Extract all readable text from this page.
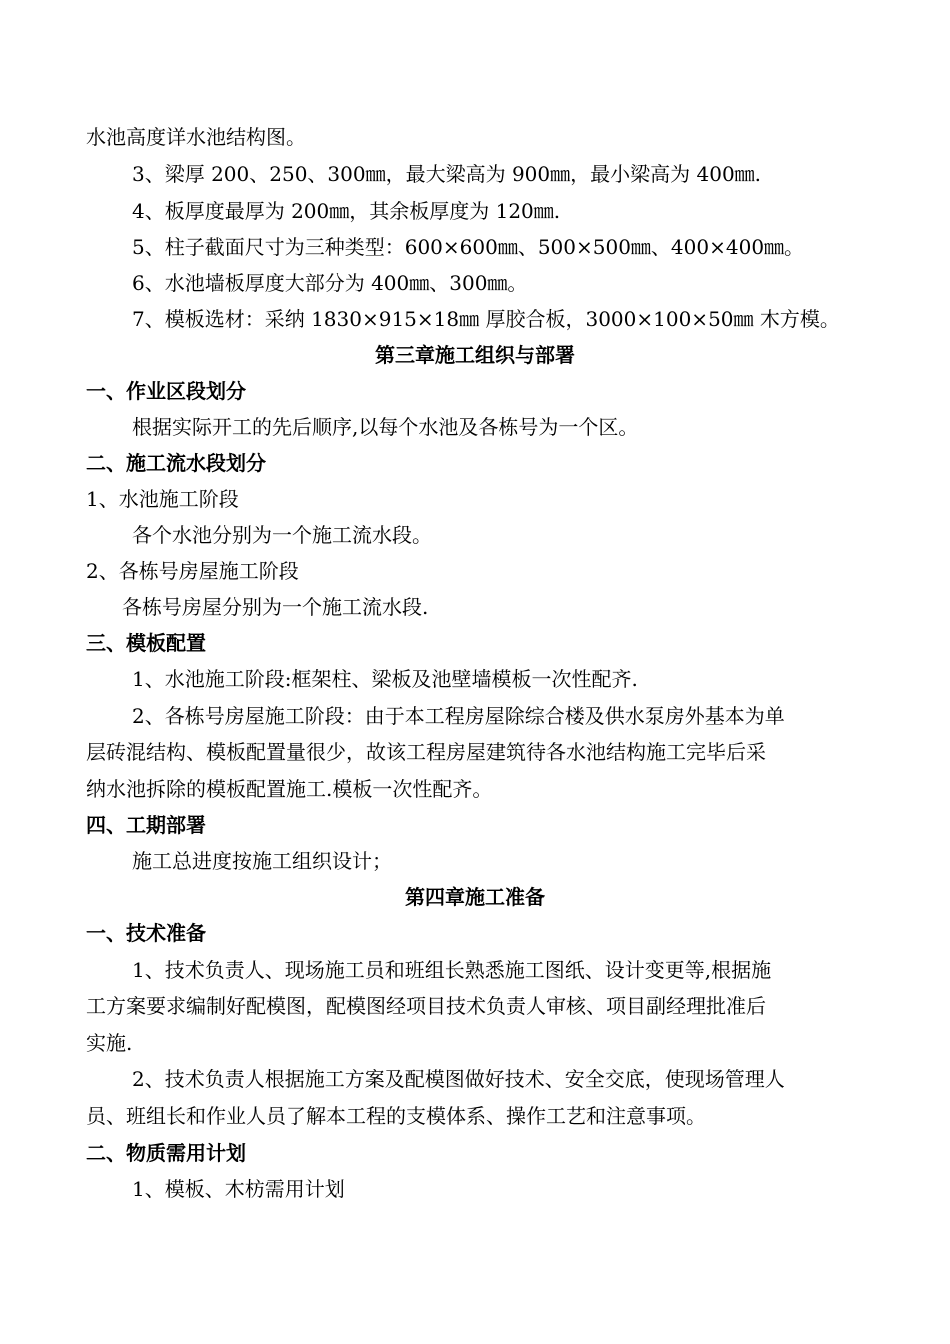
水池高度详水池结构图。
3、梁厚 200、250、300㎜，最大梁高为 900㎜，最小梁高为 400㎜.
4、板厚度最厚为 200㎜，其余板厚度为 120㎜.
5、柱子截面尺寸为三种类型：600×600㎜、500×500㎜、400×400㎜。
6、水池墙板厚度大部分为 400㎜、300㎜。
7、模板选材：采纳 1830×915×18㎜ 厚胶合板，3000×100×50㎜ 木方模。
第三章施工组织与部署
一、作业区段划分
根据实际开工的先后顺序,以每个水池及各栋号为一个区。
二、施工流水段划分
1、水池施工阶段
各个水池分别为一个施工流水段。
2、各栋号房屋施工阶段
各栋号房屋分别为一个施工流水段.
三、模板配置
1、水池施工阶段:框架柱、梁板及池壁墙模板一次性配齐.
2、各栋号房屋施工阶段：由于本工程房屋除综合楼及供水泵房外基本为单
层砖混结构、模板配置量很少，故该工程房屋建筑待各水池结构施工完毕后采
纳水池拆除的模板配置施工.模板一次性配齐。
四、工期部署
施工总进度按施工组织设计；
第四章施工准备
一、技术准备
1、技术负责人、现场施工员和班组长熟悉施工图纸、设计变更等,根据施
工方案要求编制好配模图，配模图经项目技术负责人审核、项目副经理批准后
实施.
2、技术负责人根据施工方案及配模图做好技术、安全交底，使现场管理人
员、班组长和作业人员了解本工程的支模体系、操作工艺和注意事项。
二、物质需用计划
1、模板、木枋需用计划
